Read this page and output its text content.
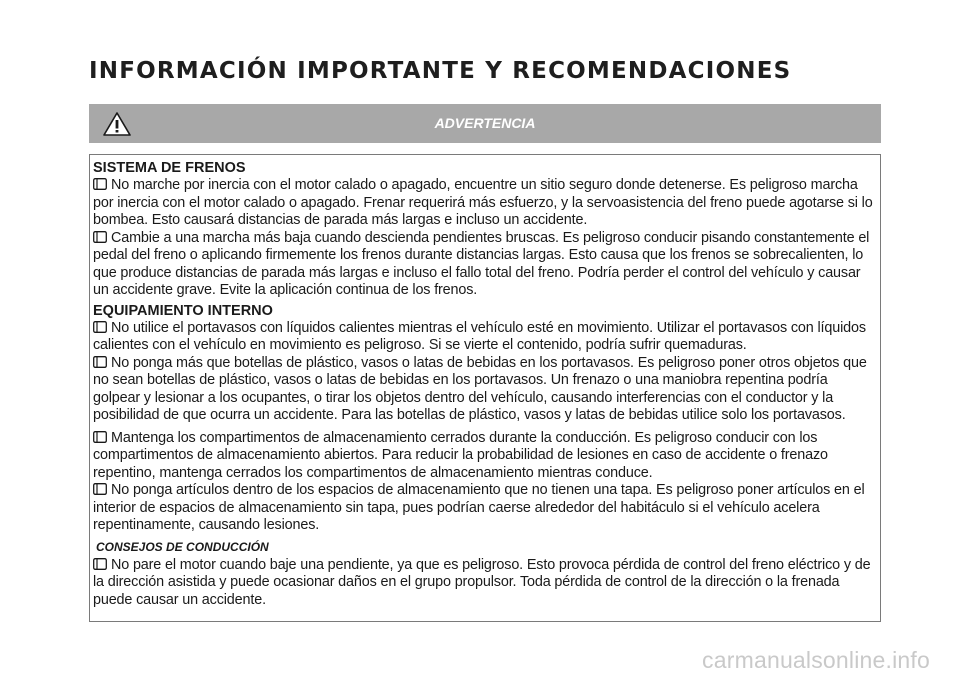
INFORMACIÓN IMPORTANTE Y RECOMENDACIONES
ADVERTENCIA
SISTEMA DE FRENOS

No marche por inercia con el motor calado o apagado, encuentre un sitio seguro donde detenerse. Es peligroso marcha por inercia con el motor calado o apagado. Frenar requerirá más esfuerzo, y la servoasistencia del freno puede agotarse si lo bombea. Esto causará distancias de parada más largas e incluso un accidente.

Cambie a una marcha más baja cuando descienda pendientes bruscas. Es peligroso conducir pisando constantemente el pedal del freno o aplicando firmemente los frenos durante distancias largas. Esto causa que los frenos se sobrecalienten, lo que produce distancias de parada más largas e incluso el fallo total del freno. Podría perder el control del vehículo y causar un accidente grave. Evite la aplicación continua de los frenos.

EQUIPAMIENTO INTERNO

No utilice el portavasos con líquidos calientes mientras el vehículo esté en movimiento. Utilizar el portavasos con líquidos calientes con el vehículo en movimiento es peligroso. Si se vierte el contenido, podría sufrir quemaduras.

No ponga más que botellas de plástico, vasos o latas de bebidas en los portavasos. Es peligroso poner otros objetos que no sean botellas de plástico, vasos o latas de bebidas en los portavasos. Un frenazo o una maniobra repentina podría golpear y lesionar a los ocupantes, o tirar los objetos dentro del vehículo, causando interferencias con el conductor y la posibilidad de que ocurra un accidente. Para las botellas de plástico, vasos y latas de bebidas utilice solo los portavasos.

Mantenga los compartimentos de almacenamiento cerrados durante la conducción. Es peligroso conducir con los compartimentos de almacenamiento abiertos. Para reducir la probabilidad de lesiones en caso de accidente o frenazo repentino, mantenga cerrados los compartimentos de almacenamiento mientras conduce.

No ponga artículos dentro de los espacios de almacenamiento que no tienen una tapa. Es peligroso poner artículos en el interior de espacios de almacenamiento sin tapa, pues podrían caerse alrededor del habitáculo si el vehículo acelera repentinamente, causando lesiones.

CONSEJOS DE CONDUCCIÓN

No pare el motor cuando baje una pendiente, ya que es peligroso. Esto provoca pérdida de control del freno eléctrico y de la dirección asistida y puede ocasionar daños en el grupo propulsor. Toda pérdida de control de la dirección o la frenada puede causar un accidente.

carmanualsonline.info
